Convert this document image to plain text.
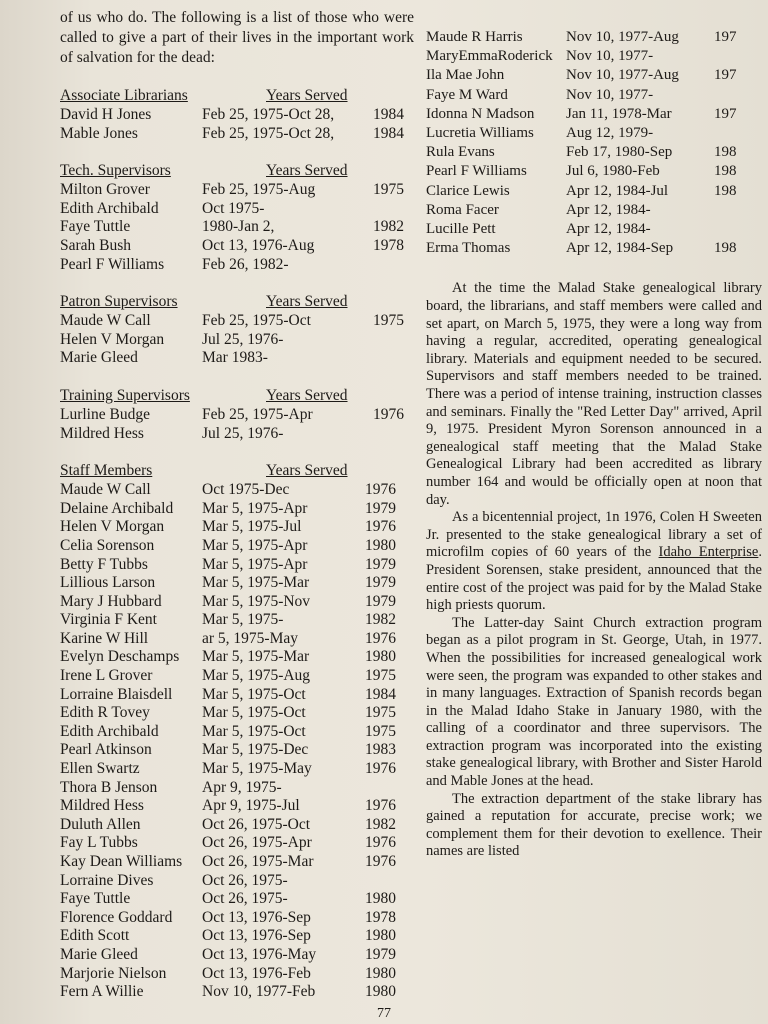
of us who do. The following is a list of those who were called to give a part of their lives in the important work of salvation for the dead:

Associate Librarians	Years Served
David H Jones	Feb 25, 1975-Oct 28,	1984
Mable Jones	Feb 25, 1975-Oct 28,	1984
Tech. Supervisors	Years Served
Milton Grover	Feb 25, 1975-Aug	1975
Edith Archibald	Oct 1975-
Faye Tuttle	1980-Jan 2,	1982
Sarah Bush	Oct 13, 1976-Aug	1978
Pearl F Williams	Feb 26, 1982-
Patron Supervisors	Years Served
Maude W Call	Feb 25, 1975-Oct	1975
Helen V Morgan	Jul 25, 1976-
Marie Gleed	Mar 1983-
Training Supervisors	Years Served
Lurline Budge	Feb 25, 1975-Apr	1976
Mildred Hess	Jul 25, 1976-
Staff Members	Years Served
Maude W Call	Oct 1975-Dec	1976
Delaine Archibald	Mar 5, 1975-Apr	1979
Helen V Morgan	Mar 5, 1975-Jul	1976
Celia Sorenson	Mar 5, 1975-Apr	1980
Betty F Tubbs	Mar 5, 1975-Apr	1979
Lillious Larson	Mar 5, 1975-Mar	1979
Mary J Hubbard	Mar 5, 1975-Nov	1979
Virginia F Kent	Mar 5, 1975-	1982
Karine W Hill	ar 5, 1975-May	1976
Evelyn Deschamps	Mar 5, 1975-Mar	1980
Irene L Grover	Mar 5, 1975-Aug	1975
Lorraine Blaisdell	Mar 5, 1975-Oct	1984
Edith R Tovey	Mar 5, 1975-Oct	1975
Edith Archibald	Mar 5, 1975-Oct	1975
Pearl Atkinson	Mar 5, 1975-Dec	1983
Ellen Swartz	Mar 5, 1975-May	1976
Thora B Jenson	Apr 9, 1975-
Mildred Hess	Apr 9, 1975-Jul	1976
Duluth Allen	Oct 26, 1975-Oct	1982
Fay L Tubbs	Oct 26, 1975-Apr	1976
Kay Dean Williams	Oct 26, 1975-Mar	1976
Lorraine Dives	Oct 26, 1975-
Faye Tuttle	Oct 26, 1975-	1980
Florence Goddard	Oct 13, 1976-Sep	1978
Edith Scott	Oct 13, 1976-Sep	1980
Marie Gleed	Oct 13, 1976-May	1979
Marjorie Nielson	Oct 13, 1976-Feb	1980
Fern A Willie	Nov 10, 1977-Feb	1980
Maude R Harris	Nov 10, 1977-Aug	197
MaryEmmaRoderick Nov 10, 1977-
Ila Mae John	Nov 10, 1977-Aug	197
Faye M Ward	Nov 10, 1977-
Idonna N Madson	Jan 11, 1978-Mar	197
Lucretia Williams	Aug 12, 1979-
Rula Evans	Feb 17, 1980-Sep	198
Pearl F Williams	Jul 6, 1980-Feb	198
Clarice Lewis	Apr 12, 1984-Jul	198
Roma Facer	Apr 12, 1984-
Lucille Pett	Apr 12, 1984-
Erma Thomas	Apr 12, 1984-Sep	198

At the time the Malad Stake genealogical library board, the librarians, and staff members were called and set apart, on March 5, 1975, they were a long way from having a regular, accredited, operating genealogical library. Materials and equipment needed to be secured. Supervisors and staff members needed to be trained. There was a period of intense training, instruction classes and seminars. Finally the "Red Letter Day" arrived, April 9, 1975. President Myron Sorenson announced in a genealogical staff meeting that the Malad Stake Genealogical Library had been accredited as library number 164 and would be officially open at noon that day.

As a bicentennial project, 1n 1976, Colen H Sweeten Jr. presented to the stake genealogical library a set of microfilm copies of 60 years of the Idaho Enterprise. President Sorensen, stake president, announced that the entire cost of the project was paid for by the Malad Stake high priests quorum.

The Latter-day Saint Church extraction program began as a pilot program in St. George, Utah, in 1977. When the possibilities for increased genealogical work were seen, the program was expanded to other stakes and in many languages. Extraction of Spanish records began in the Malad Idaho Stake in January 1980, with the calling of a coordinator and three supervisors. The extraction program was incorporated into the existing stake genealogical library, with Brother and Sister Harold and Mable Jones at the head.

The extraction department of the stake library has gained a reputation for accurate, precise work; we complement them for their devotion to exellence. Their names are listed

77
